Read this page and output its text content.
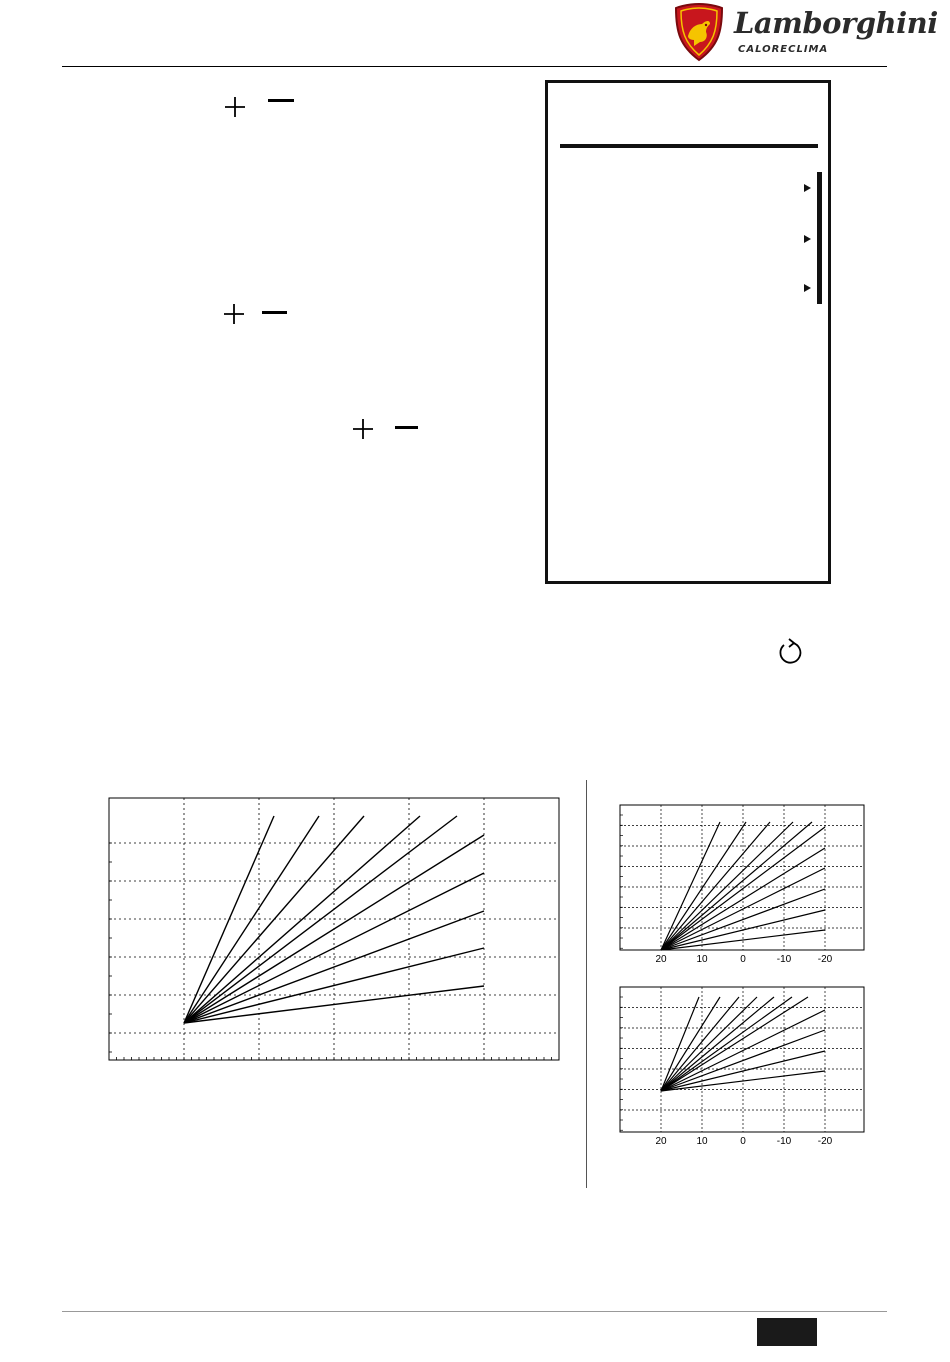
Lamborghini
CALORECLIMA
20	10	0	-10	-20
20	10	0	-10	-20
